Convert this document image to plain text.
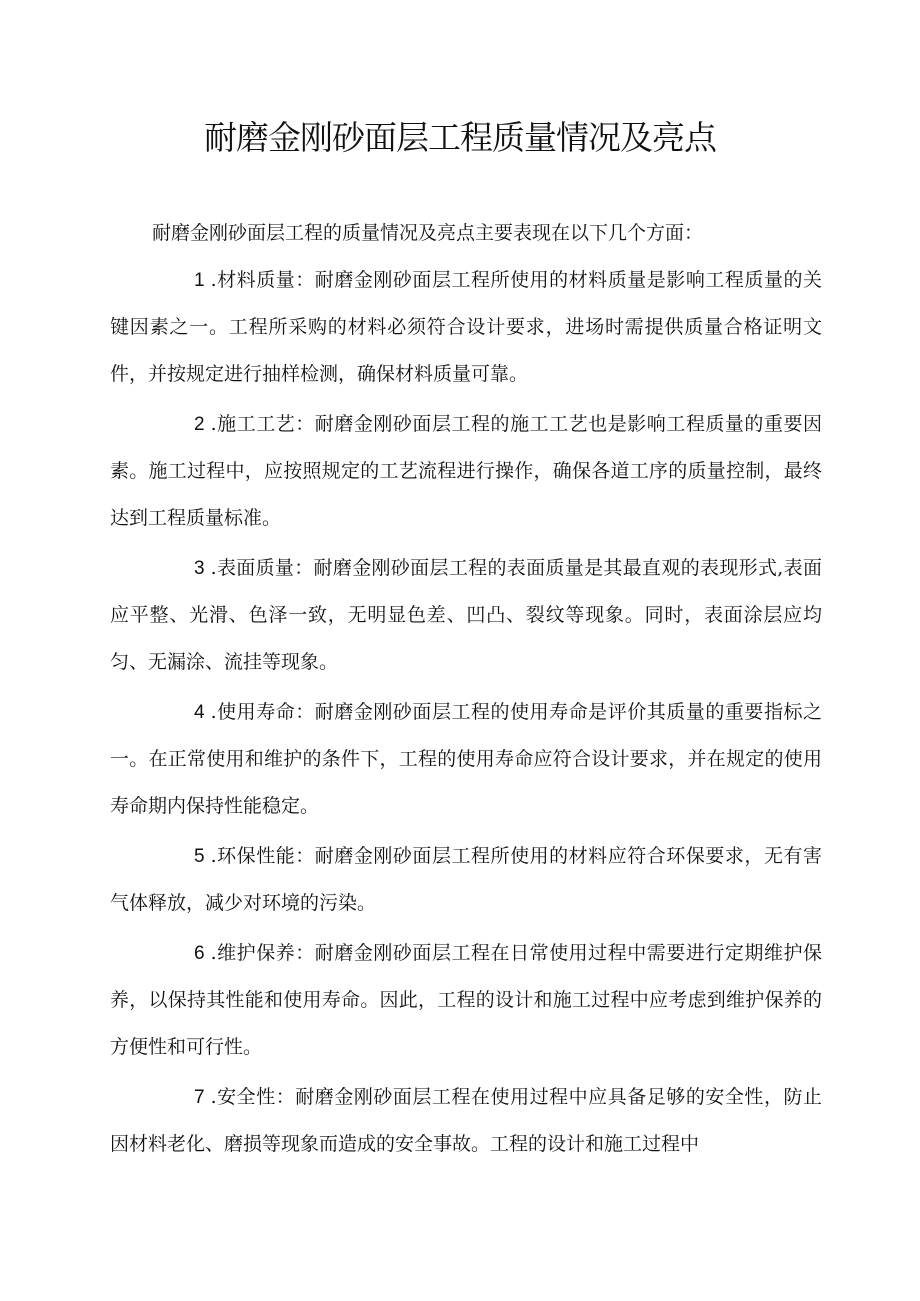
耐磨金刚砂面层工程质量情况及亮点

耐磨金刚砂面层工程的质量情况及亮点主要表现在以下几个方面：

1 .材料质量：耐磨金刚砂面层工程所使用的材料质量是影响工程质量的关键因素之一。工程所采购的材料必须符合设计要求，进场时需提供质量合格证明文件，并按规定进行抽样检测，确保材料质量可靠。

2 .施工工艺：耐磨金刚砂面层工程的施工工艺也是影响工程质量的重要因素。施工过程中，应按照规定的工艺流程进行操作，确保各道工序的质量控制，最终达到工程质量标准。

3 .表面质量：耐磨金刚砂面层工程的表面质量是其最直观的表现形式,表面应平整、光滑、色泽一致，无明显色差、凹凸、裂纹等现象。同时，表面涂层应均匀、无漏涂、流挂等现象。

4 .使用寿命：耐磨金刚砂面层工程的使用寿命是评价其质量的重要指标之一。在正常使用和维护的条件下，工程的使用寿命应符合设计要求，并在规定的使用寿命期内保持性能稳定。

5 .环保性能：耐磨金刚砂面层工程所使用的材料应符合环保要求，无有害气体释放，减少对环境的污染。

6 .维护保养：耐磨金刚砂面层工程在日常使用过程中需要进行定期维护保养，以保持其性能和使用寿命。因此，工程的设计和施工过程中应考虑到维护保养的方便性和可行性。

7 .安全性：耐磨金刚砂面层工程在使用过程中应具备足够的安全性，防止因材料老化、磨损等现象而造成的安全事故。工程的设计和施工过程中
